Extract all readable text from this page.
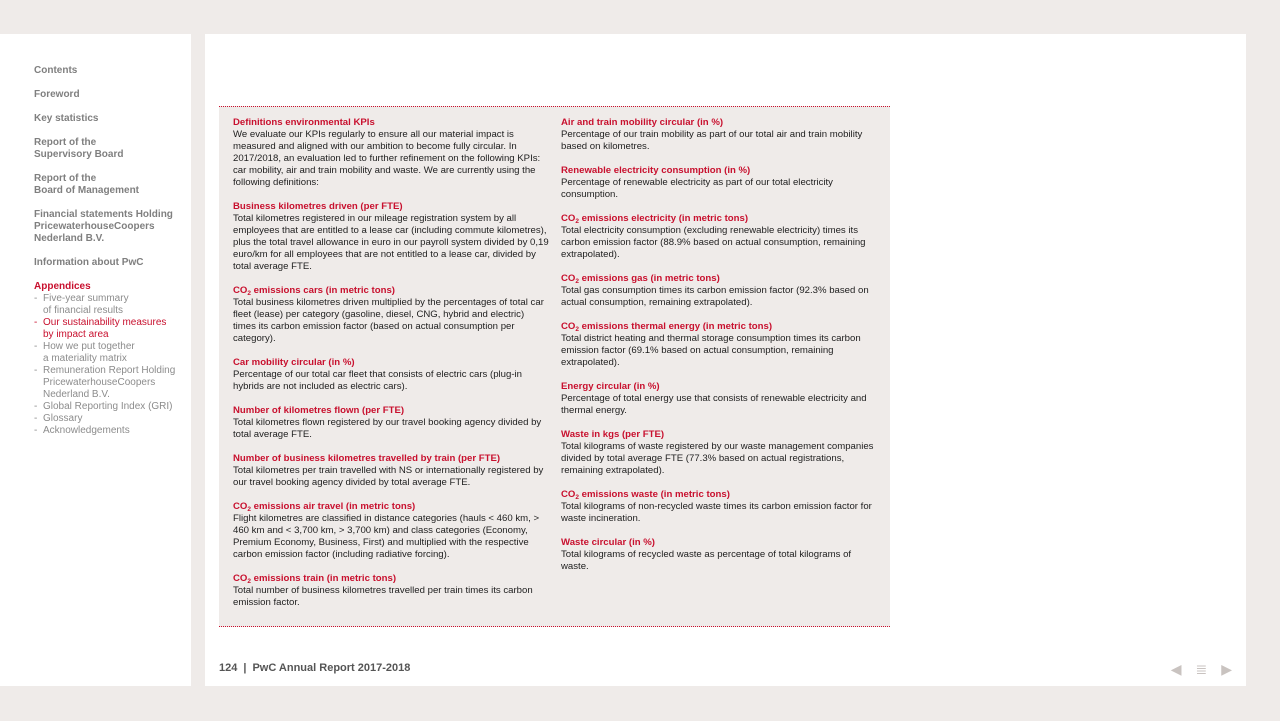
Contents
Foreword
Key statistics
Report of the
Supervisory Board
Report of the
Board of Management
Financial statements Holding
PricewaterhouseCoopers
Nederland B.V.
Information about PwC
Appendices
- Five-year summary
of financial results
- Our sustainability measures
by impact area
- How we put together
a materiality matrix
- Remuneration Report Holding
PricewaterhouseCoopers
Nederland B.V.
- Global Reporting Index (GRI)
- Glossary
- Acknowledgements
Definitions environmental KPIs
We evaluate our KPIs regularly to ensure all our material impact is measured and aligned with our ambition to become fully circular. In 2017/2018, an evaluation led to further refinement on the following KPIs: car mobility, air and train mobility and waste. We are currently using the following definitions:
Business kilometres driven (per FTE)
Total kilometres registered in our mileage registration system by all employees that are entitled to a lease car (including commute kilometres), plus the total travel allowance in euro in our payroll system divided by 0,19 euro/km for all employees that are not entitled to a lease car, divided by total average FTE.
$CO_2$ emissions cars (in metric tons)
Total business kilometres driven multiplied by the percentages of total car fleet (lease) per category (gasoline, diesel, CNG, hybrid and electric) times its carbon emission factor (based on actual consumption per category).
Car mobility circular (in %)
Percentage of our total car fleet that consists of electric cars (plug-in hybrids are not included as electric cars).
Number of kilometres flown (per FTE)
Total kilometres flown registered by our travel booking agency divided by total average FTE.
Number of business kilometres travelled by train (per FTE)
Total kilometres per train travelled with NS or internationally registered by our travel booking agency divided by total average FTE.
$CO_2$ emissions air travel (in metric tons)
Flight kilometres are classified in distance categories (hauls < 460 km, > 460 km and < 3,700 km, > 3,700 km) and class categories (Economy, Premium Economy, Business, First) and multiplied with the respective carbon emission factor (including radiative forcing).
$CO_2$ emissions train (in metric tons)
Total number of business kilometres travelled per train times its carbon emission factor.
Air and train mobility circular (in %)
Percentage of our train mobility as part of our total air and train mobility based on kilometres.
Renewable electricity consumption (in %)
Percentage of renewable electricity as part of our total electricity consumption.
$CO_2$ emissions electricity (in metric tons)
Total electricity consumption (excluding renewable electricity) times its carbon emission factor (88.9% based on actual consumption, remaining extrapolated).
$CO_2$ emissions gas (in metric tons)
Total gas consumption times its carbon emission factor (92.3% based on actual consumption, remaining extrapolated).
$CO_2$ emissions thermal energy (in metric tons)
Total district heating and thermal storage consumption times its carbon emission factor (69.1% based on actual consumption, remaining extrapolated).
Energy circular (in %)
Percentage of total energy use that consists of renewable electricity and thermal energy.
Waste in kgs (per FTE)
Total kilograms of waste registered by our waste management companies divided by total average FTE (77.3% based on actual registrations, remaining extrapolated).
$CO_2$ emissions waste (in metric tons)
Total kilograms of non-recycled waste times its carbon emission factor for waste incineration.
Waste circular (in %)
Total kilograms of recycled waste as percentage of total kilograms of waste.
124 | PwC Annual Report 2017-2018	◀ ≣ ▶
